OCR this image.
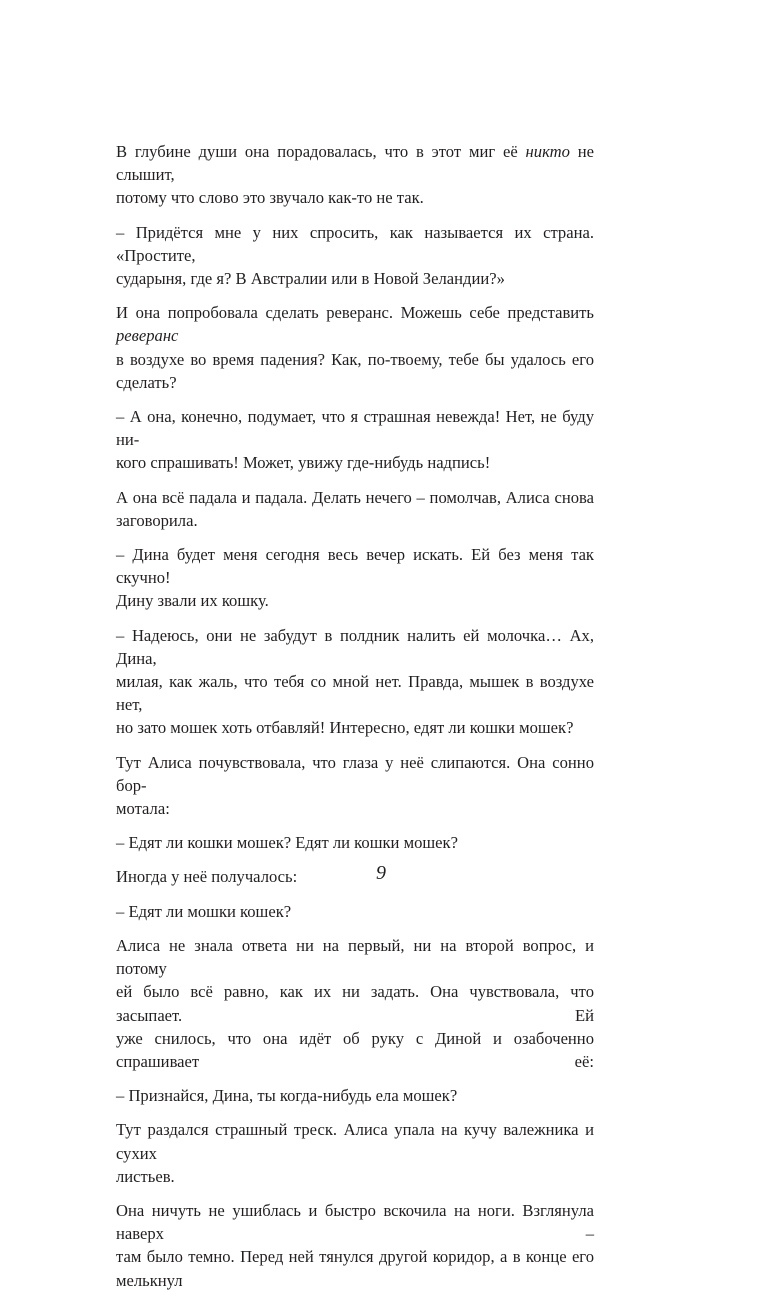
В глубине души она порадовалась, что в этот миг её никто не слышит,
потому что слово это звучало как-то не так.

– Придётся мне у них спросить, как называется их страна. «Простите,
сударыня, где я? В Австралии или в Новой Зеландии?»

И она попробовала сделать реверанс. Можешь себе представить реверанс
в воздухе во время падения? Как, по-твоему, тебе бы удалось его сделать?

– А она, конечно, подумает, что я страшная невежда! Нет, не буду ни-
кого спрашивать! Может, увижу где-нибудь надпись!

А она всё падала и падала. Делать нечего – помолчав, Алиса снова
заговорила.

– Дина будет меня сегодня весь вечер искать. Ей без меня так скучно!
Дину звали их кошку.

– Надеюсь, они не забудут в полдник налить ей молочка… Ах, Дина,
милая, как жаль, что тебя со мной нет. Правда, мышек в воздухе нет,
но зато мошек хоть отбавляй! Интересно, едят ли кошки мошек?

Тут Алиса почувствовала, что глаза у неё слипаются. Она сонно бор-
мотала:

– Едят ли кошки мошек? Едят ли кошки мошек?

Иногда у неё получалось:

– Едят ли мошки кошек?

Алиса не знала ответа ни на первый, ни на второй вопрос, и потому
ей было всё равно, как их ни задать. Она чувствовала, что засыпает. Ей
уже снилось, что она идёт об руку с Диной и озабоченно спрашивает её:

– Признайся, Дина, ты когда-нибудь ела мошек?

Тут раздался страшный треск. Алиса упала на кучу валежника и сухих
листьев.

Она ничуть не ушиблась и быстро вскочила на ноги. Взглянула наверх –
там было темно. Перед ней тянулся другой коридор, а в конце его мелькнул

9
